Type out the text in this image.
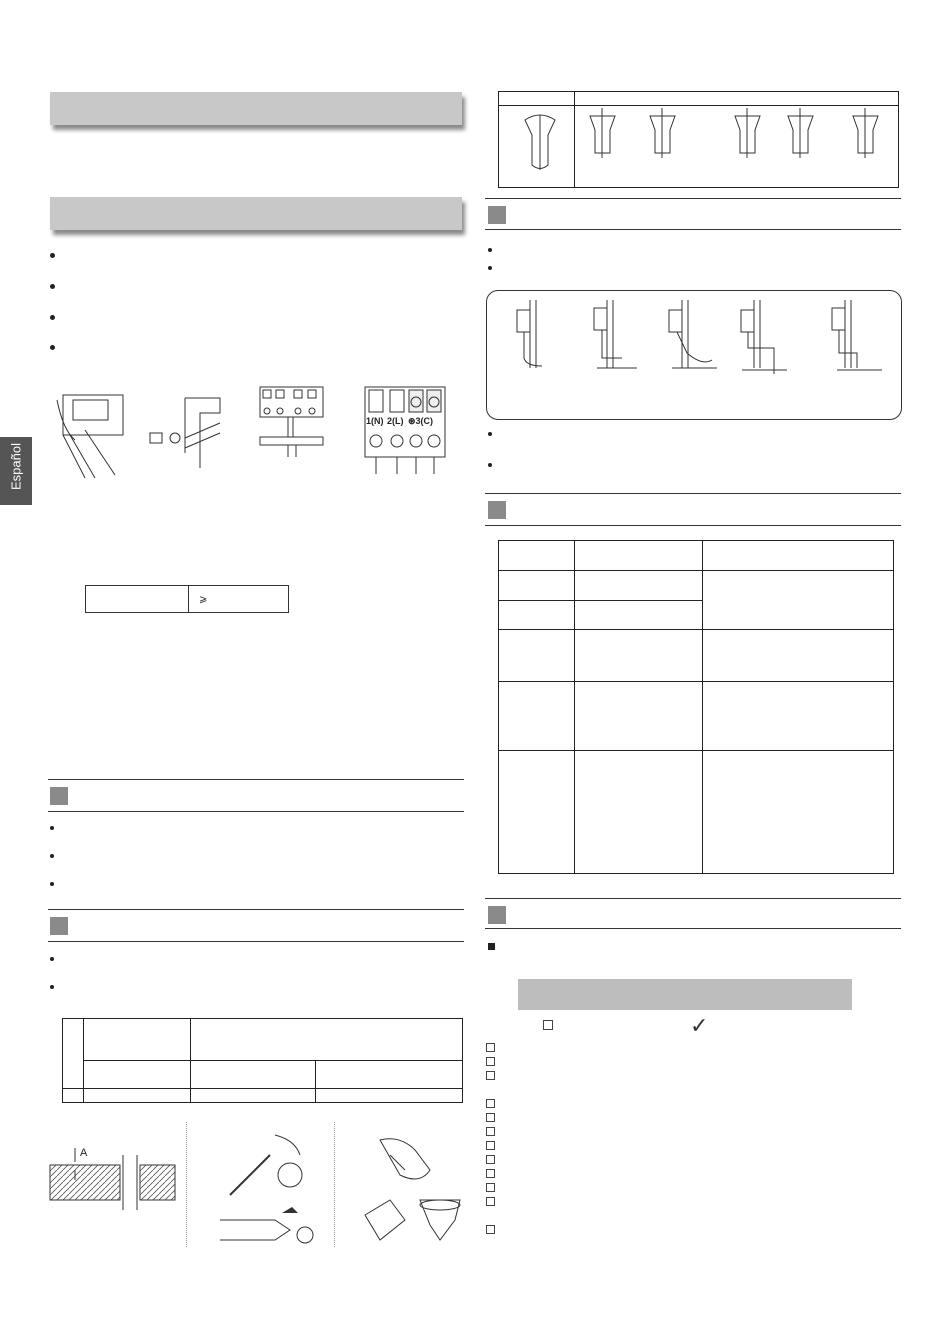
1(N) 2(L) ⊛3(C)
	⩾

A

✓
Español
